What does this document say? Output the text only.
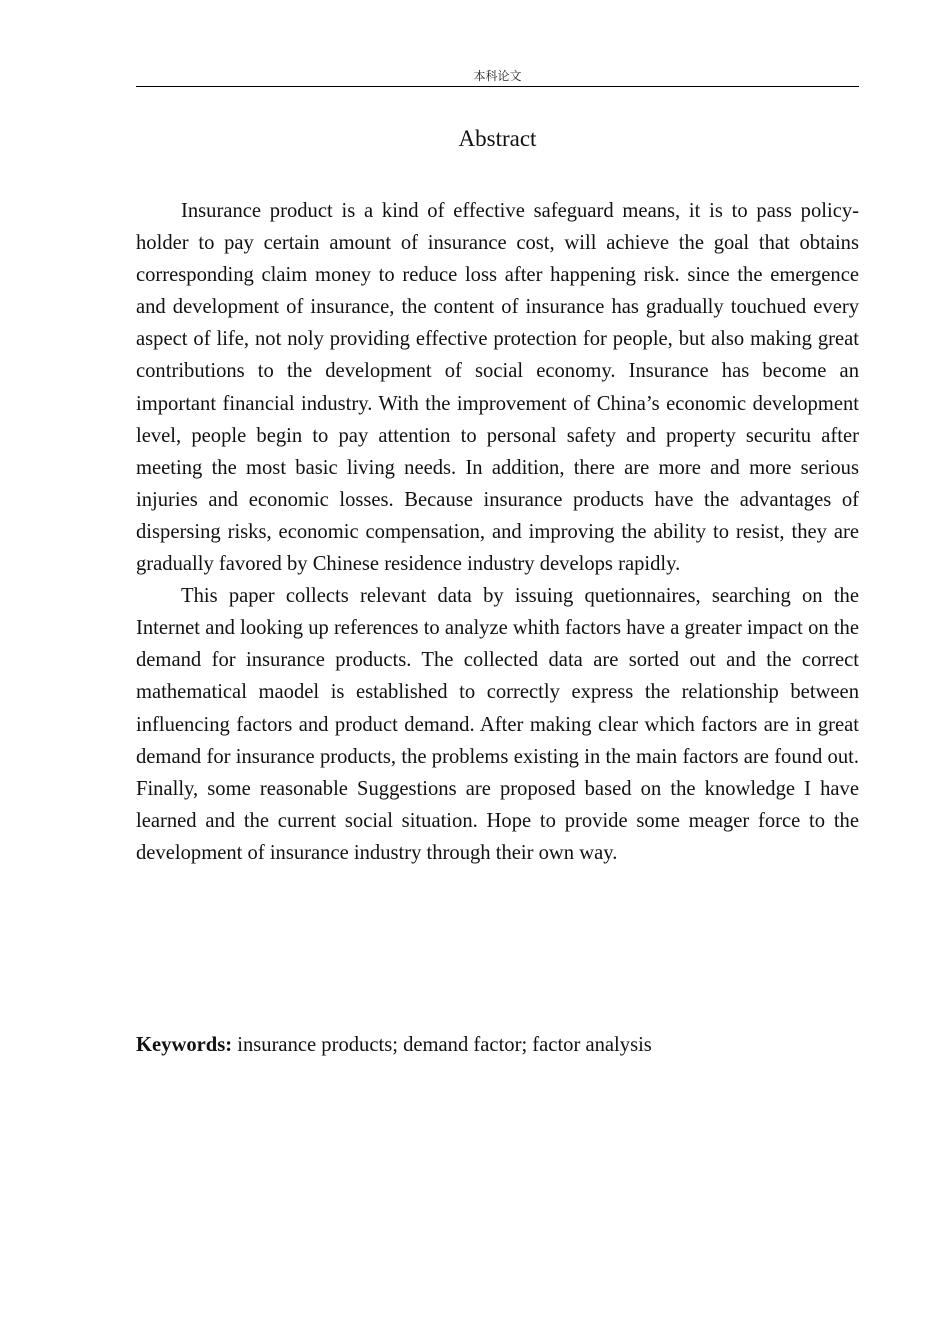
本科论文
Abstract

Insurance product is a kind of effective safeguard means, it is to pass policy-holder to pay certain amount of insurance cost, will achieve the goal that obtains corresponding claim money to reduce loss after happening risk. since the emergence and development of insurance, the content of insurance has gradually touchued every aspect of life, not noly providing effective protection for people, but also making great contributions to the development of social economy. Insurance has become an important financial industry. With the improvement of China’s economic development level, people begin to pay attention to personal safety and property securitu after meeting the most basic living needs. In addition, there are more and more serious injuries and economic losses. Because insurance products have the advantages of dispersing risks, economic compensation, and improving the ability to resist, they are gradually favored by Chinese residence industry develops rapidly.

This paper collects relevant data by issuing quetionnaires, searching on the Internet and looking up references to analyze whith factors have a greater impact on the demand for insurance products. The collected data are sorted out and the correct mathematical maodel is established to correctly express the relationship between influencing factors and product demand. After making clear which factors are in great demand for insurance products, the problems existing in the main factors are found out. Finally, some reasonable Suggestions are proposed based on the knowledge I have learned and the current social situation. Hope to provide some meager force to the development of insurance industry through their own way.

Keywords: insurance products; demand factor; factor analysis
